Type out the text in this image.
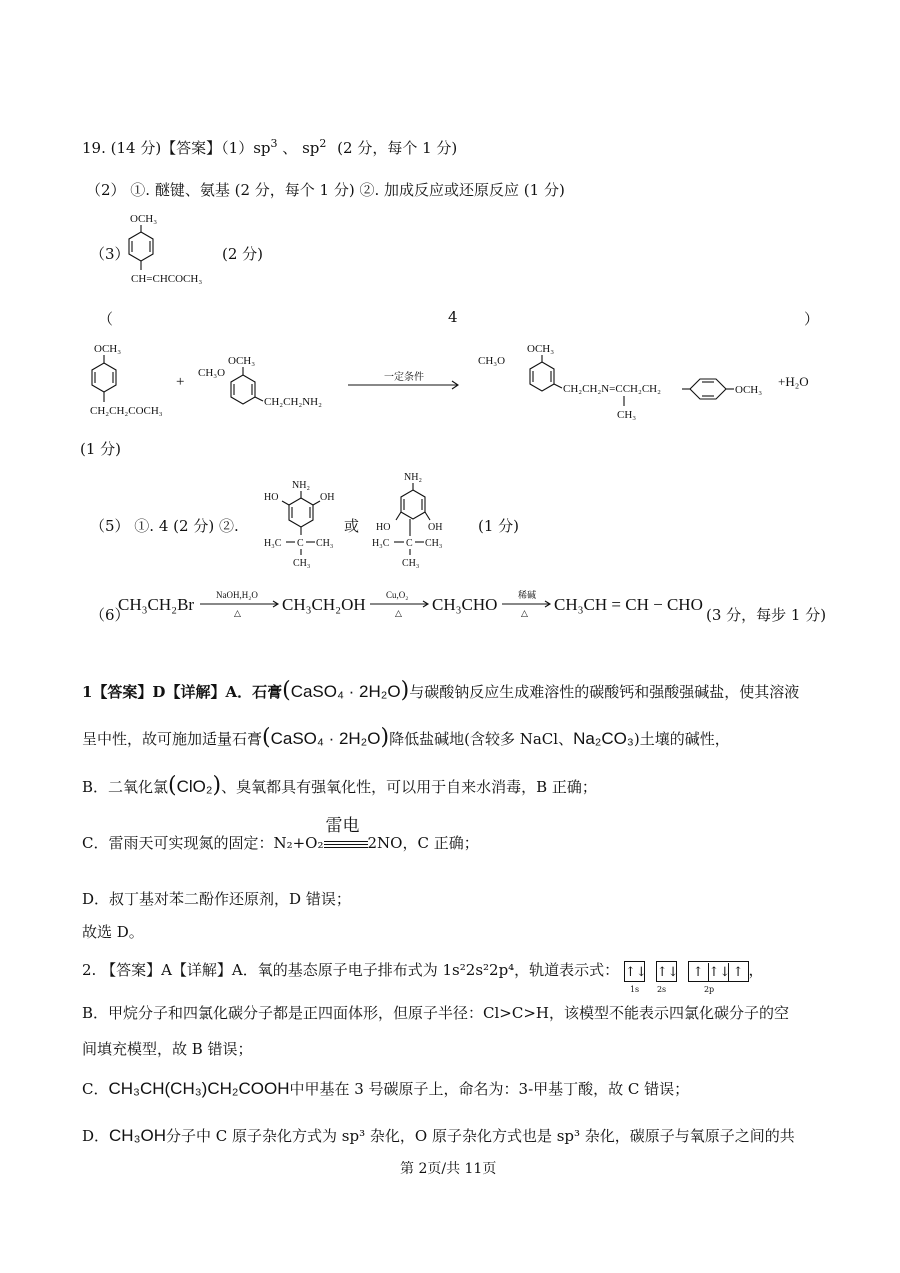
19. (14 分)【答案】$(1)sp^3$ 、 $sp^2$ (2 分，每个 1 分)
（2） ①. 醚键、氨基 (2 分，每个 1 分) ②. 加成反应或还原反应 (1 分)
（3）
OCH₃
CH=CHCOCH₃
(2 分)
（	4	）
OCH₃
CH₂CH₂COCH₃
+
OCH₃
CH₃O
CH₂CH₂NH₂
一定条件
OCH₃
CH₃O
CH₂CH₂N=CCH₂CH₂
CH₃
OCH₃
+H₂O
(1 分)
（5） ①. 4 (2 分) ②.
NH₂
HO	OH
H₃C C CH₃
CH₃
或
NH₂
HO	OH
H₃C C CH₃
CH₃
(1 分)
（6）
CH₃CH₂Br NaOH,H₂O
△ CH₃CH₂OH Cu,O₂
△ CH₃CHO 稀碱
△ CH₃CH = CH − CHO
(3 分，每步 1 分)
1【答案】D【详解】A．石膏(CaSO₄ · 2H₂O)与碳酸钠反应生成难溶性的碳酸钙和强酸强碱盐，使其溶液
呈中性，故可施加适量石膏(CaSO₄ · 2H₂O)降低盐碱地(含较多 NaCl、Na₂CO₃)土壤的碱性，
B．二氧化氯(ClO₂)、臭氧都具有强氧化性，可以用于自来水消毒，B 正确；
C．雷雨天可实现氮的固定：N₂+O₂
雷电
2NO，C 正确；
D．叔丁基对苯二酚作还原剂，D 错误；
故选 D。
2. 【答案】A【详解】A．氧的基态原子电子排布式为 1s²2s²2p⁴，轨道表示式： ↑↓ ↑↓ ↑ ↑↓ ↑
1s 2s	2p
，
B．甲烷分子和四氯化碳分子都是正四面体形，但原子半径：Cl>C>H，该模型不能表示四氯化碳分子的空
间填充模型，故 B 错误；
C．CH₃CH(CH₃)CH₂COOH中甲基在 3 号碳原子上，命名为：3-甲基丁酸，故 C 错误；
D．CH₃OH分子中 C 原子杂化方式为 sp³ 杂化，O 原子杂化方式也是 sp³ 杂化，碳原子与氧原子之间的共
第 2页/共 11页
